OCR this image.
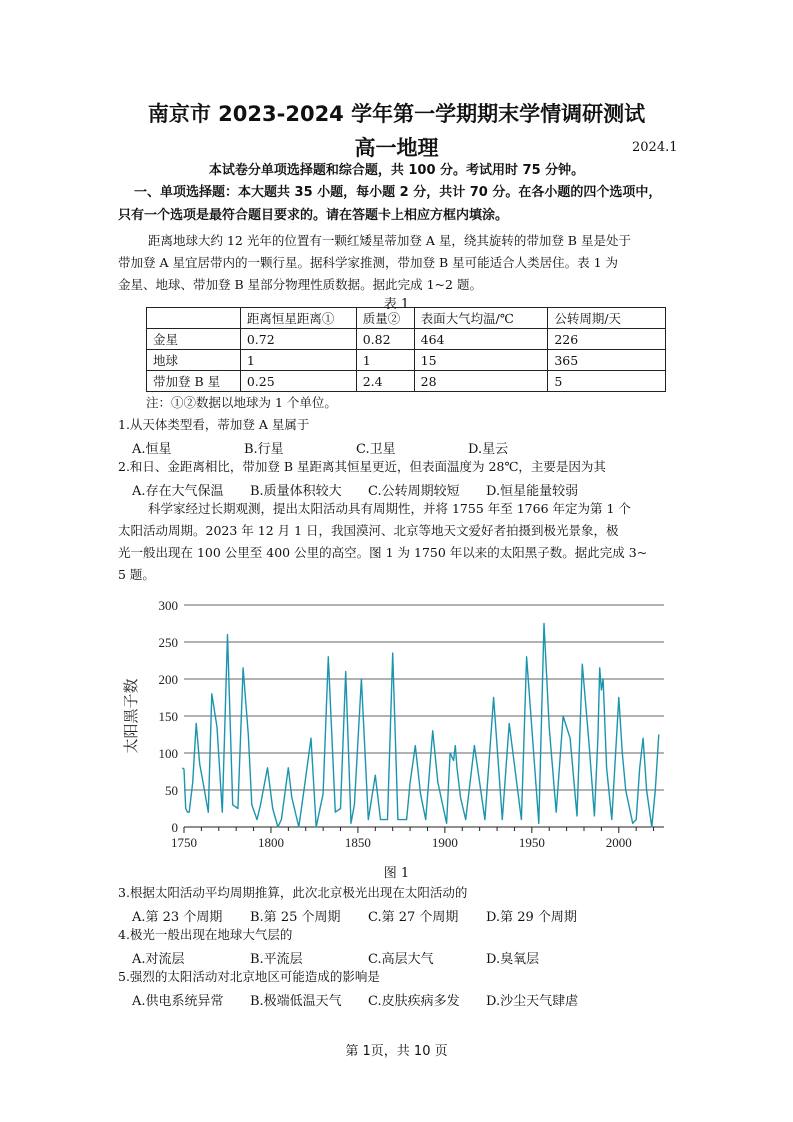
南京市 2023-2024 学年第一学期期末学情调研测试
高一地理	2024.1
本试卷分单项选择题和综合题，共 100 分。考试用时 75 分钟。
一、单项选择题：本大题共 35 小题，每小题 2 分，共计 70 分。在各小题的四个选项中，
只有一个选项是最符合题目要求的。请在答题卡上相应方框内填涂。
距离地球大约 12 光年的位置有一颗红矮星蒂加登 A 星，绕其旋转的带加登 B 星是处于
带加登 A 星宜居带内的一颗行星。据科学家推测，带加登 B 星可能适合人类居住。表 1 为
金星、地球、带加登 B 星部分物理性质数据。据此完成 1~2 题。
表 1
	距离恒星距离①	质量②	表面大气均温/℃	公转周期/天
金星	0.72	0.82	464	226
地球	1	1	15	365
带加登 B 星	0.25	2.4	28	5
注：①②数据以地球为 1 个单位。
1.从天体类型看，蒂加登 A 星属于
A.恒星	B.行星	C.卫星	D.星云
2.和日、金距离相比，带加登 B 星距离其恒星更近，但表面温度为 28℃，主要是因为其
A.存在大气保温 B.质量体积较大 C.公转周期较短 D.恒星能量较弱
科学家经过长期观测，提出太阳活动具有周期性，并将 1755 年至 1766 年定为第 1 个
太阳活动周期。2023 年 12 月 1 日，我国漠河、北京等地天文爱好者拍摄到极光景象，极
光一般出现在 100 公里至 400 公里的高空。图 1 为 1750 年以来的太阳黑子数。据此完成 3~
5 题。
0
50
100
150
200
250
300
1750	1800	1850	1900	1950	2000
太阳黑子数
图 1
3.根据太阳活动平均周期推算，此次北京极光出现在太阳活动的
A.第 23 个周期 B.第 25 个周期 C.第 27 个周期 D.第 29 个周期
4.极光一般出现在地球大气层的
A.对流层	B.平流层	C.高层大气	D.臭氧层
5.强烈的太阳活动对北京地区可能造成的影响是
A.供电系统异常 B.极端低温天气 C.皮肤疾病多发 D.沙尘天气肆虐
第 1页，共 10 页
